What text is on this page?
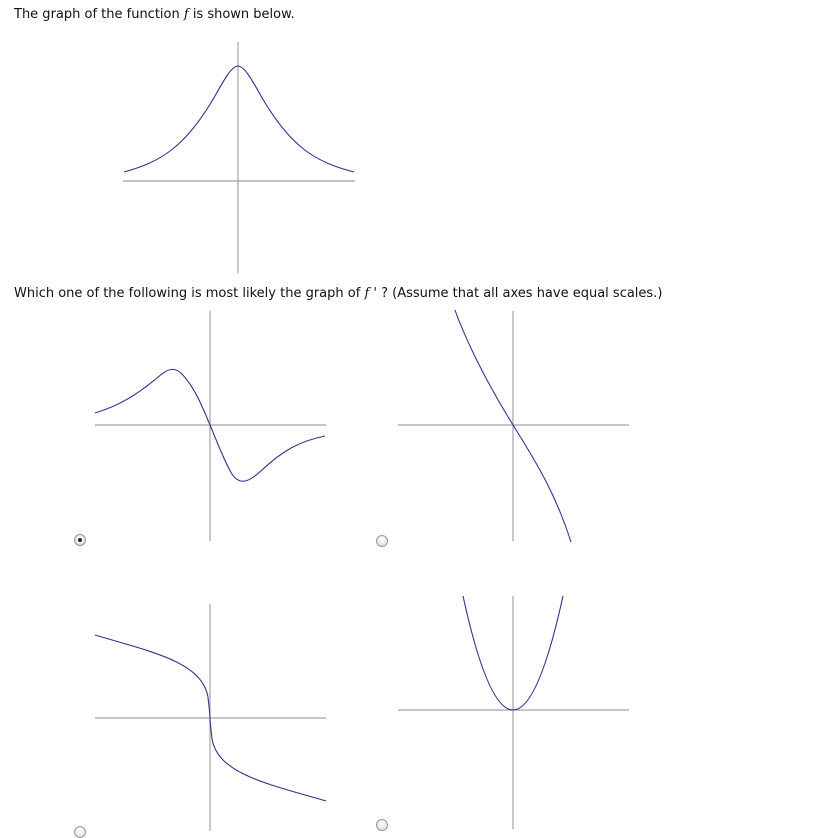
The graph of the function f is shown below.

Which one of the following is most likely the graph of f ' ? (Assume that all axes have equal scales.)
